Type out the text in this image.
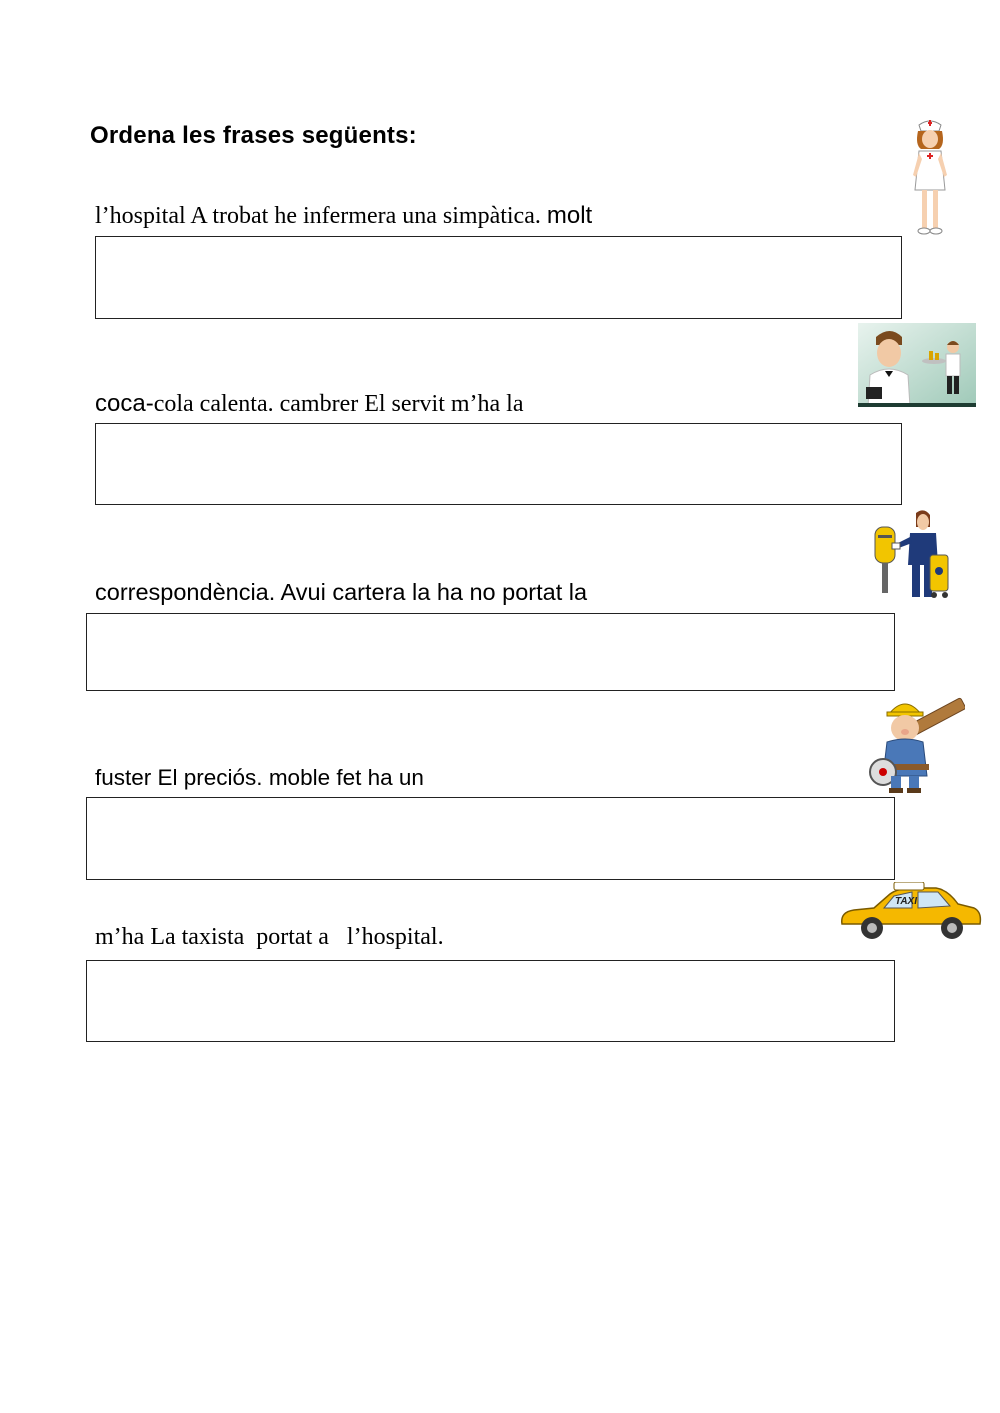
Ordena les frases següents:
l’hospital A trobat he infermera una simpàtica. molt
coca-cola calenta. cambrer El servit m’ha la
correspondència. Avui cartera la ha no portat la
fuster El preciós. moble fet ha un
TAXI
m’ha La taxista  portat a   l’hospital.
